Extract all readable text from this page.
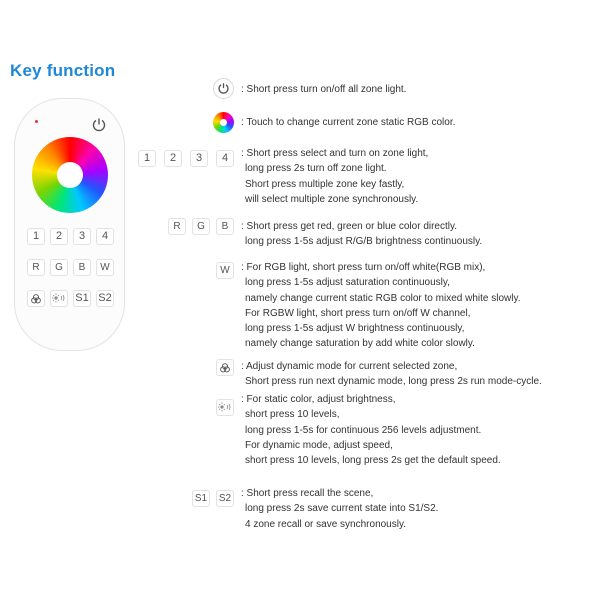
Key function
1	2	3	4
R	G	B	W
S1 S2
: Short press turn on/off all zone light.
: Touch to change current zone static RGB color.
1	2	3	4	: Short press select and turn on zone light,
long press 2s turn off zone light.
Short press multiple zone key fastly,
will select multiple zone synchronously.
R	G	B	: Short press get red, green or blue color directly.
long press 1-5s adjust R/G/B brightness continuously.
W	: For RGB light, short press turn on/off white(RGB mix),
long press 1-5s adjust saturation continuously,
namely change current static RGB color to mixed white slowly.
For RGBW light, short press turn on/off W channel,
long press 1-5s adjust W brightness continuously,
namely change saturation by add white color slowly.
: Adjust dynamic mode for current selected zone,
Short press run next dynamic mode, long press 2s run mode-cycle.
: For static color, adjust brightness,
short press 10 levels,
long press 1-5s for continuous 256 levels adjustment.
For dynamic mode, adjust speed,
short press 10 levels, long press 2s get the default speed.
S1 S2 : Short press recall the scene,
long press 2s save current state into S1/S2.
4 zone recall or save synchronously.
